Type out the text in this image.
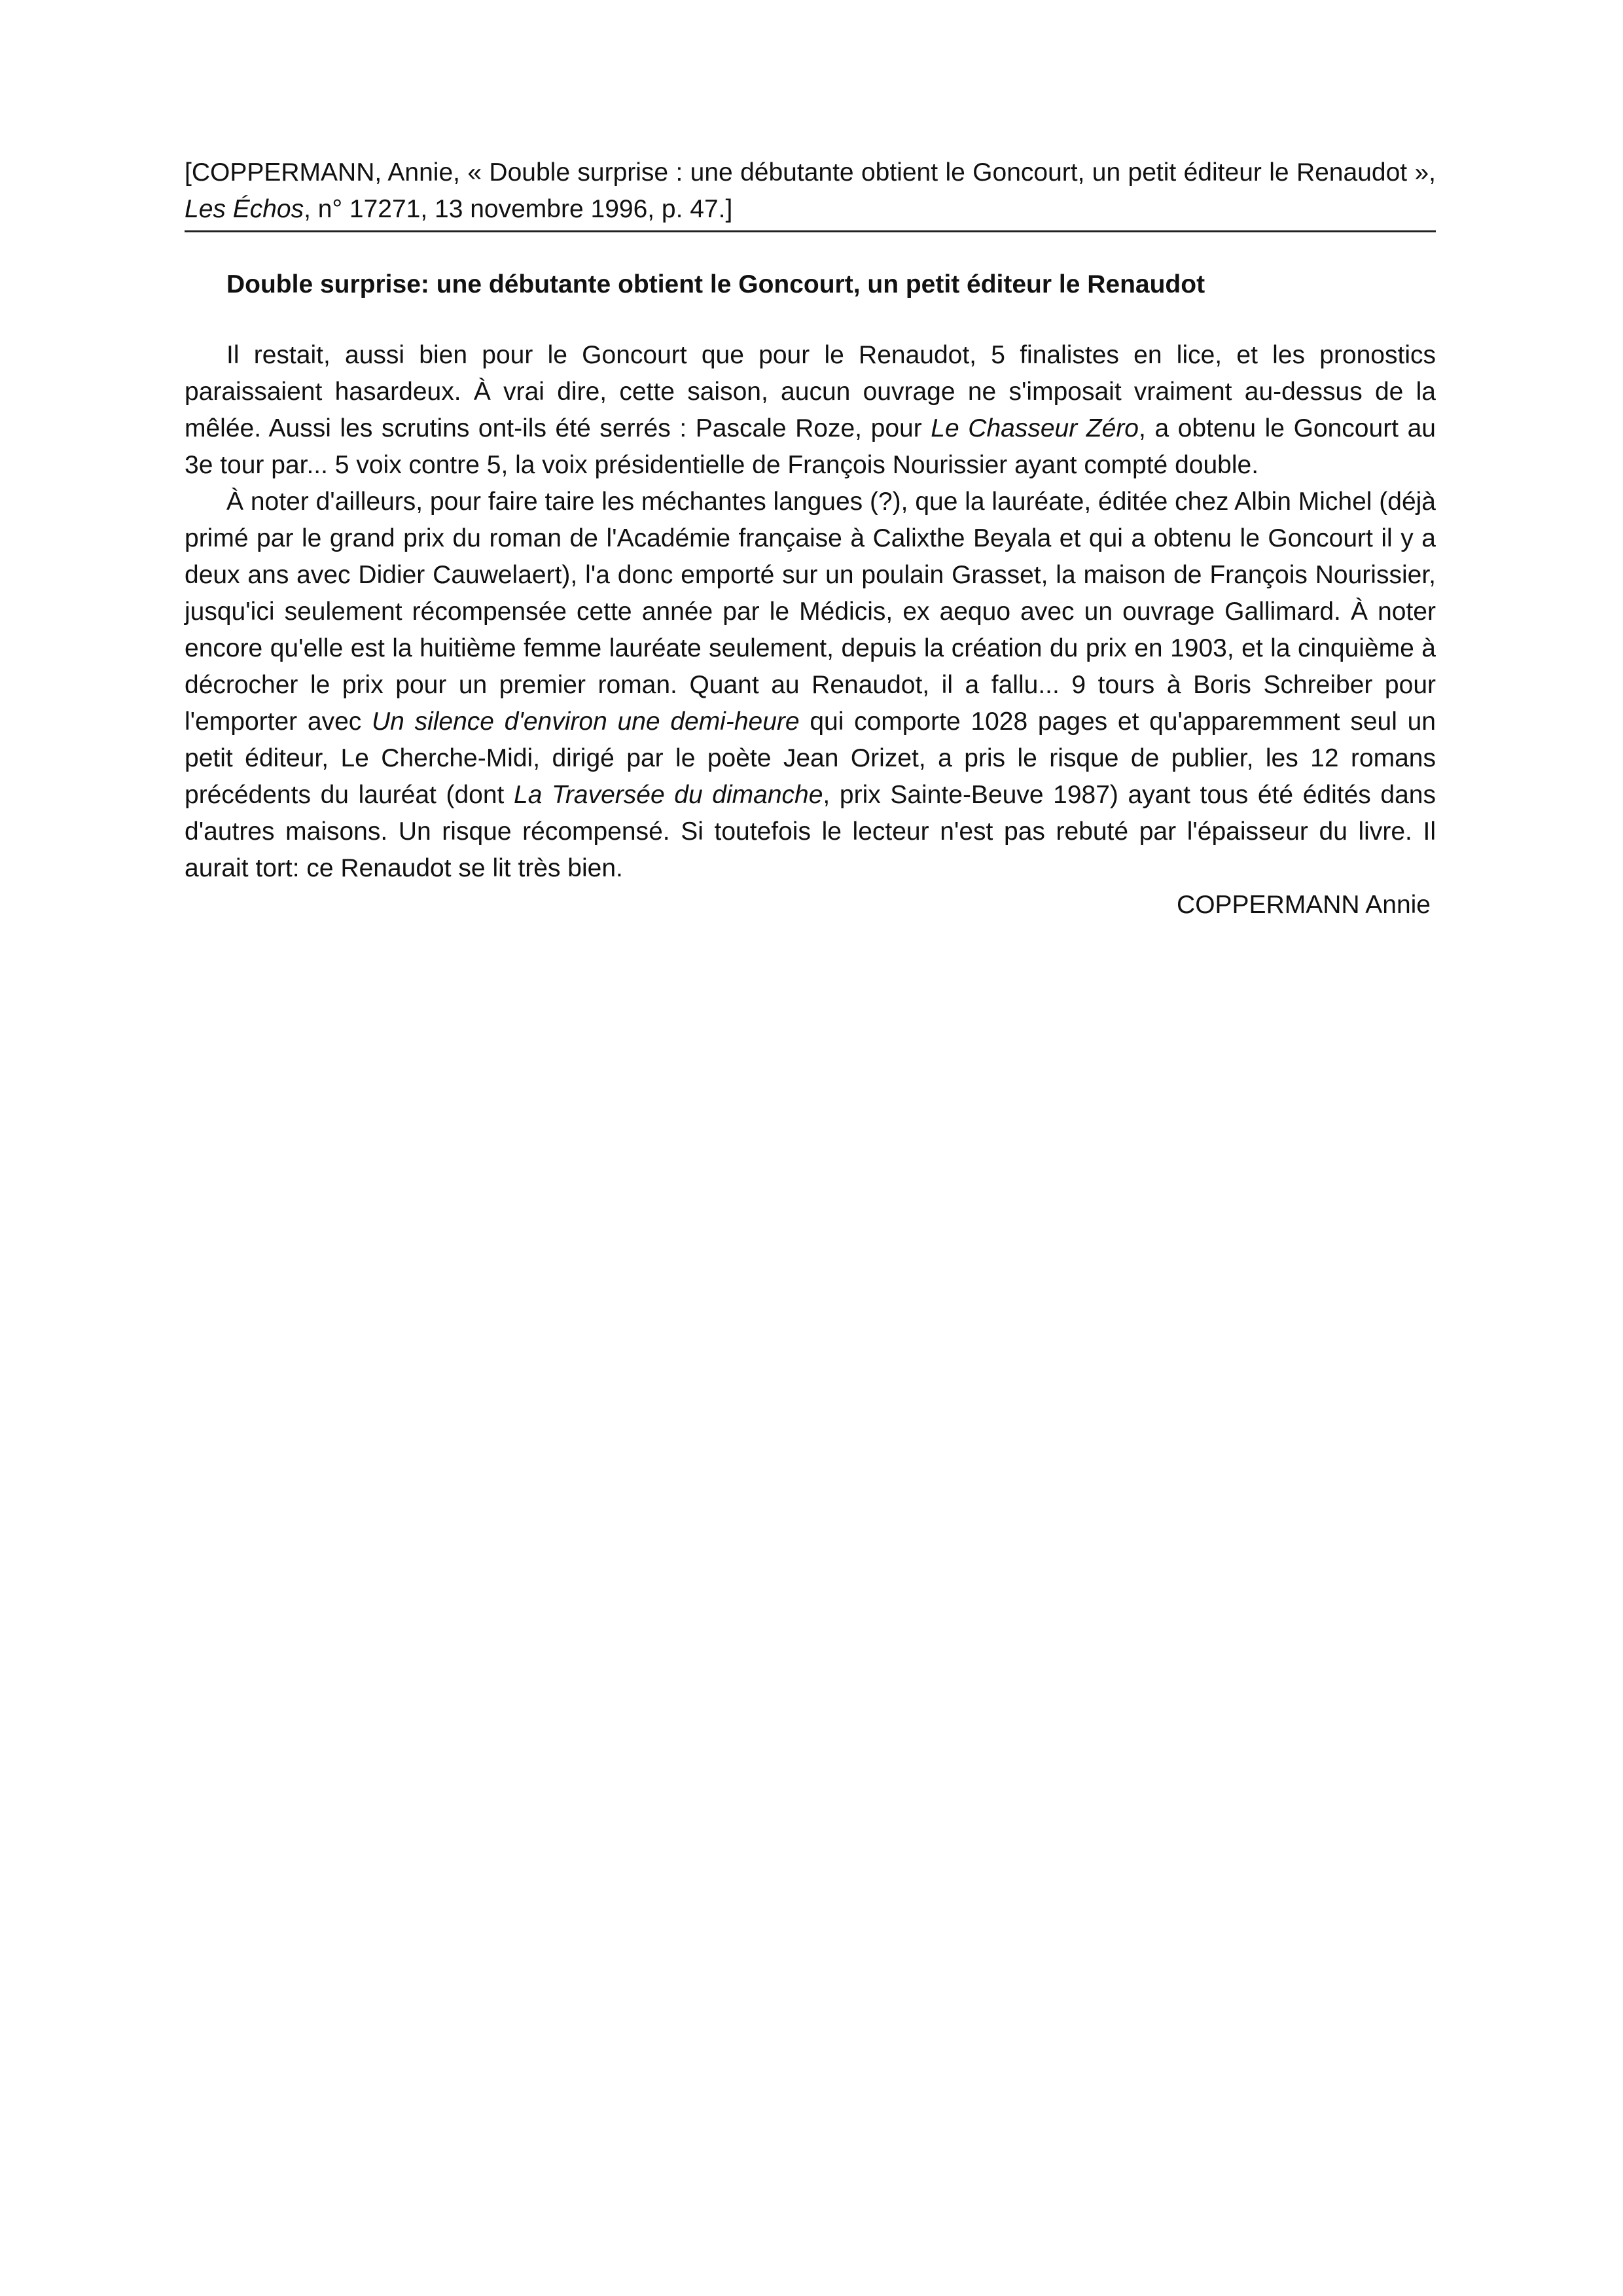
[COPPERMANN, Annie, « Double surprise : une débutante obtient le Goncourt, un petit éditeur le Renaudot », Les Échos, n° 17271, 13 novembre 1996, p. 47.]
Double surprise: une débutante obtient le Goncourt, un petit éditeur le Renaudot

Il restait, aussi bien pour le Goncourt que pour le Renaudot, 5 finalistes en lice, et les pronostics paraissaient hasardeux. À vrai dire, cette saison, aucun ouvrage ne s'imposait vraiment au-dessus de la mêlée. Aussi les scrutins ont-ils été serrés : Pascale Roze, pour Le Chasseur Zéro, a obtenu le Goncourt au 3e tour par... 5 voix contre 5, la voix présidentielle de François Nourissier ayant compté double.

À noter d'ailleurs, pour faire taire les méchantes langues (?), que la lauréate, éditée chez Albin Michel (déjà primé par le grand prix du roman de l'Académie française à Calixthe Beyala et qui a obtenu le Goncourt il y a deux ans avec Didier Cauwelaert), l'a donc emporté sur un poulain Grasset, la maison de François Nourissier, jusqu'ici seulement récompensée cette année par le Médicis, ex aequo avec un ouvrage Gallimard. À noter encore qu'elle est la huitième femme lauréate seulement, depuis la création du prix en 1903, et la cinquième à décrocher le prix pour un premier roman. Quant au Renaudot, il a fallu... 9 tours à Boris Schreiber pour l'emporter avec Un silence d'environ une demi-heure qui comporte 1028 pages et qu'apparemment seul un petit éditeur, Le Cherche-Midi, dirigé par le poète Jean Orizet, a pris le risque de publier, les 12 romans précédents du lauréat (dont La Traversée du dimanche, prix Sainte-Beuve 1987) ayant tous été édités dans d'autres maisons. Un risque récompensé. Si toutefois le lecteur n'est pas rebuté par l'épaisseur du livre. Il aurait tort: ce Renaudot se lit très bien.

COPPERMANN Annie
